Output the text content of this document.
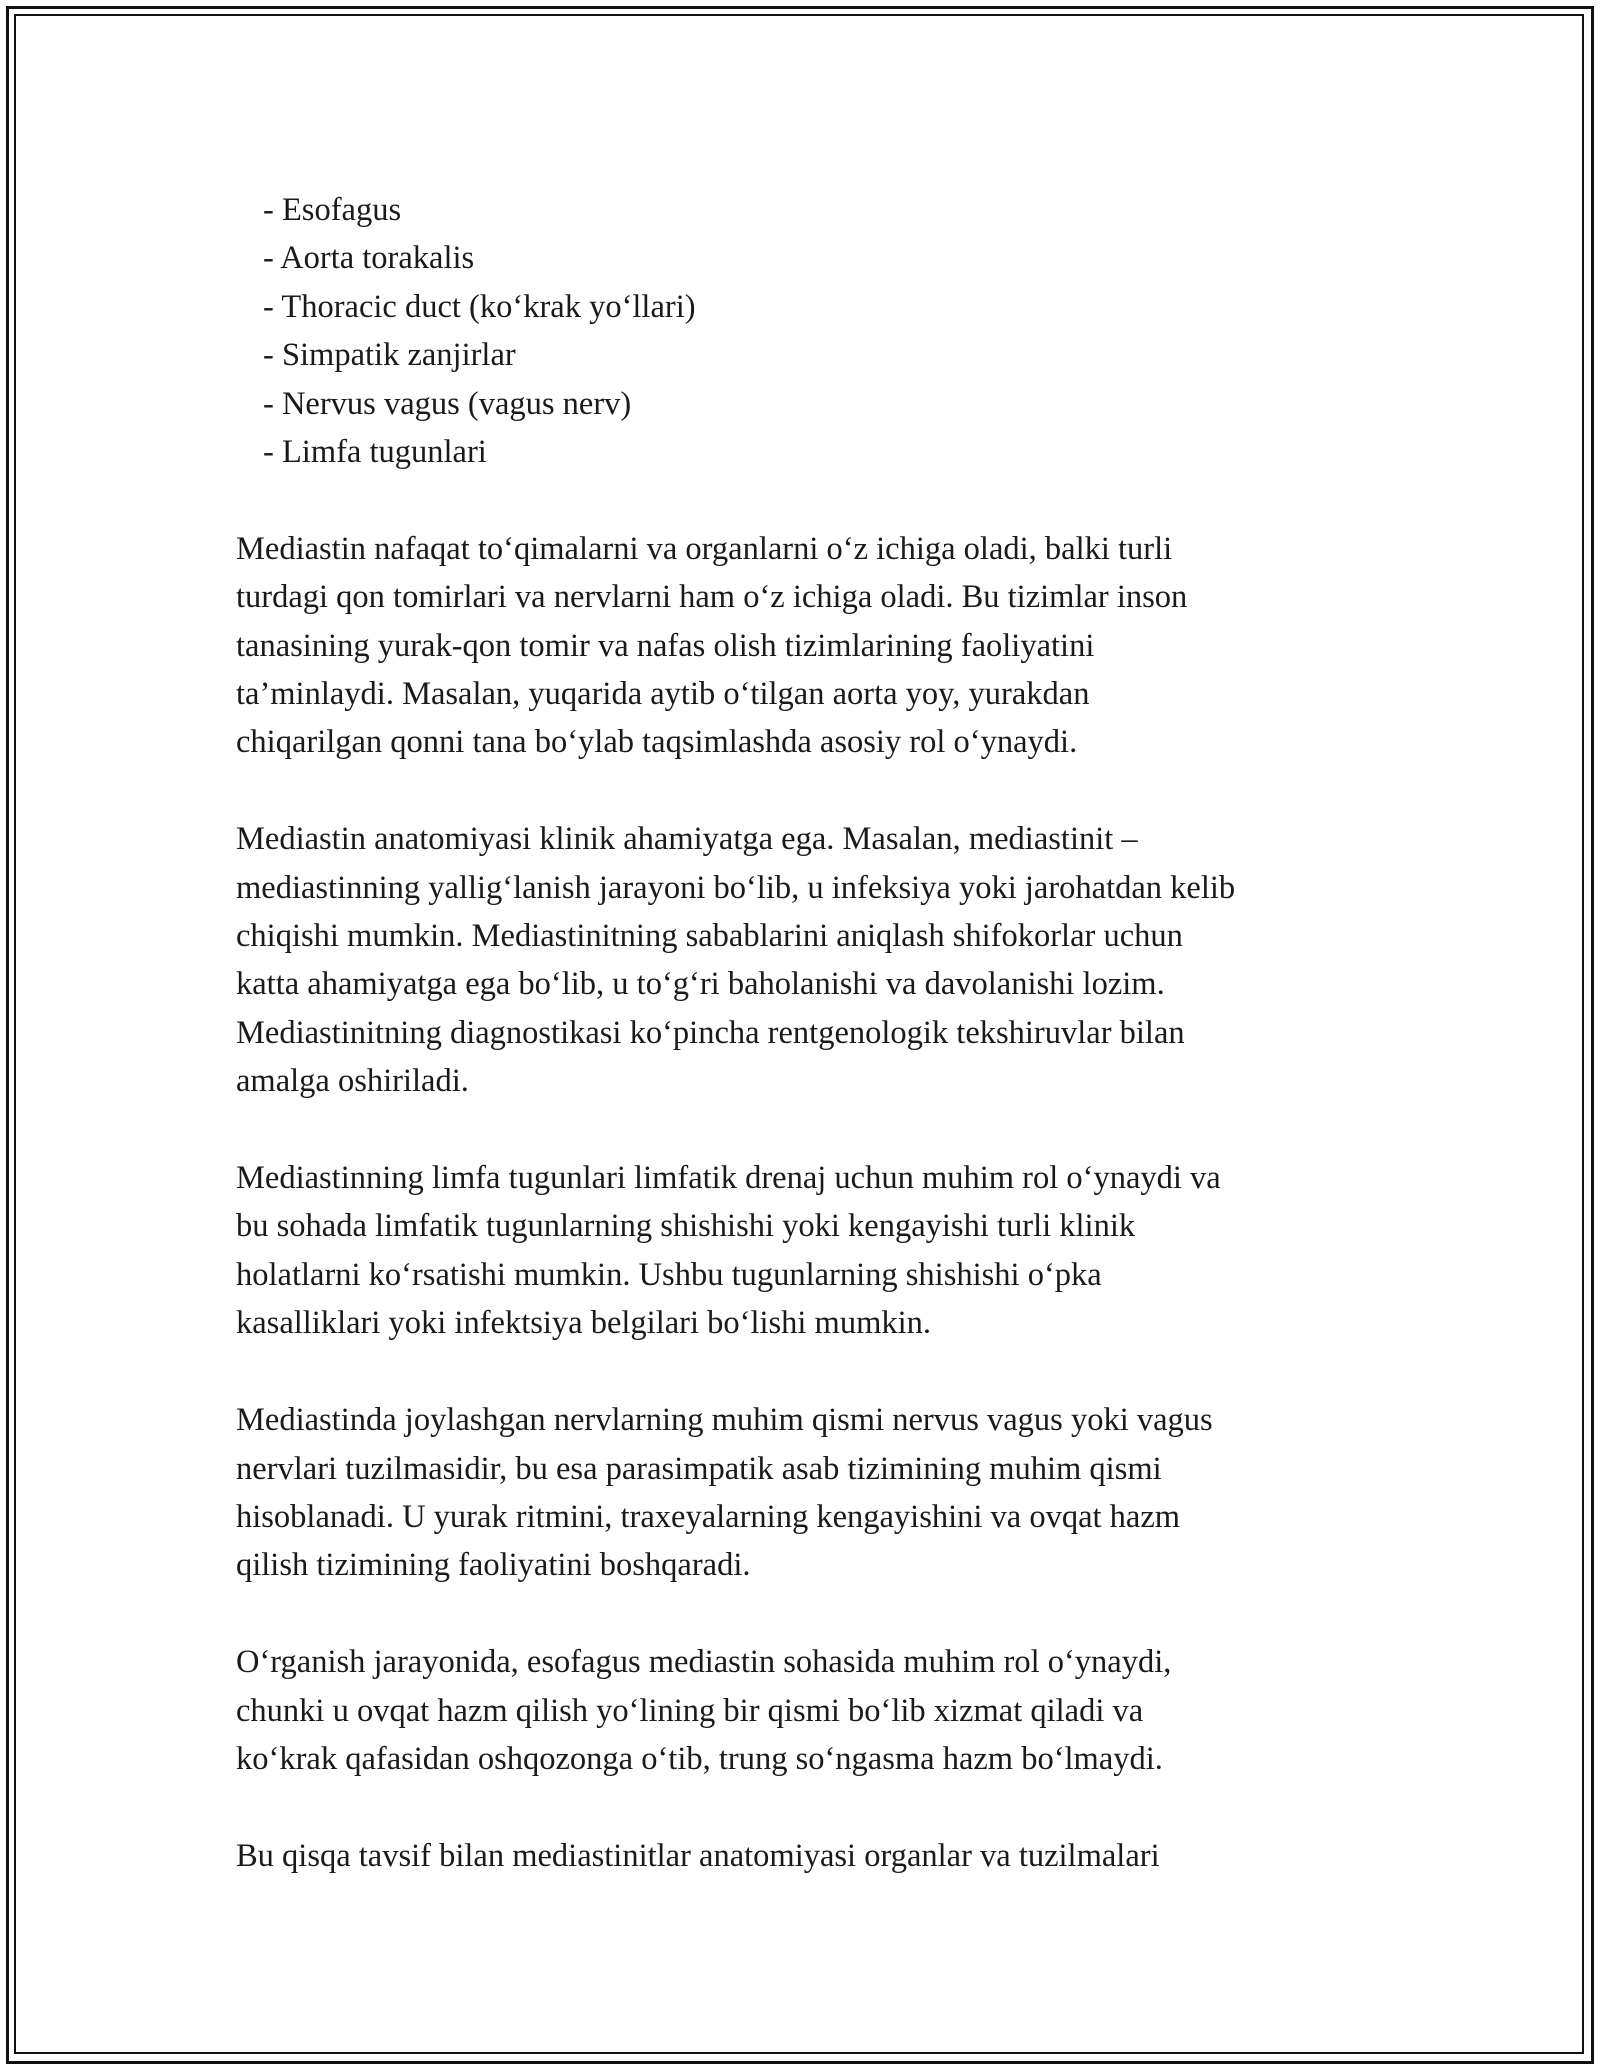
- Esofagus
- Aorta torakalis
- Thoracic duct (ko‘krak yo‘llari)
- Simpatik zanjirlar
- Nervus vagus (vagus nerv)
- Limfa tugunlari

Mediastin nafaqat to‘qimalarni va organlarni o‘z ichiga oladi, balki turli
turdagi qon tomirlari va nervlarni ham o‘z ichiga oladi. Bu tizimlar inson
tanasining yurak-qon tomir va nafas olish tizimlarining faoliyatini
ta’minlaydi. Masalan, yuqarida aytib o‘tilgan aorta yoy, yurakdan
chiqarilgan qonni tana bo‘ylab taqsimlashda asosiy rol o‘ynaydi.

Mediastin anatomiyasi klinik ahamiyatga ega. Masalan, mediastinit –
mediastinning yallig‘lanish jarayoni bo‘lib, u infeksiya yoki jarohatdan kelib
chiqishi mumkin. Mediastinitning sabablarini aniqlash shifokorlar uchun
katta ahamiyatga ega bo‘lib, u to‘g‘ri baholanishi va davolanishi lozim.
Mediastinitning diagnostikasi ko‘pincha rentgenologik tekshiruvlar bilan
amalga oshiriladi.

Mediastinning limfa tugunlari limfatik drenaj uchun muhim rol o‘ynaydi va
bu sohada limfatik tugunlarning shishishi yoki kengayishi turli klinik
holatlarni ko‘rsatishi mumkin. Ushbu tugunlarning shishishi o‘pka
kasalliklari yoki infektsiya belgilari bo‘lishi mumkin.

Mediastinda joylashgan nervlarning muhim qismi nervus vagus yoki vagus
nervlari tuzilmasidir, bu esa parasimpatik asab tizimining muhim qismi
hisoblanadi. U yurak ritmini, traxeyalarning kengayishini va ovqat hazm
qilish tizimining faoliyatini boshqaradi.

O‘rganish jarayonida, esofagus mediastin sohasida muhim rol o‘ynaydi,
chunki u ovqat hazm qilish yo‘lining bir qismi bo‘lib xizmat qiladi va
ko‘krak qafasidan oshqozonga o‘tib, trung so‘ngasma hazm bo‘lmaydi.

Bu qisqa tavsif bilan mediastinitlar anatomiyasi organlar va tuzilmalari
